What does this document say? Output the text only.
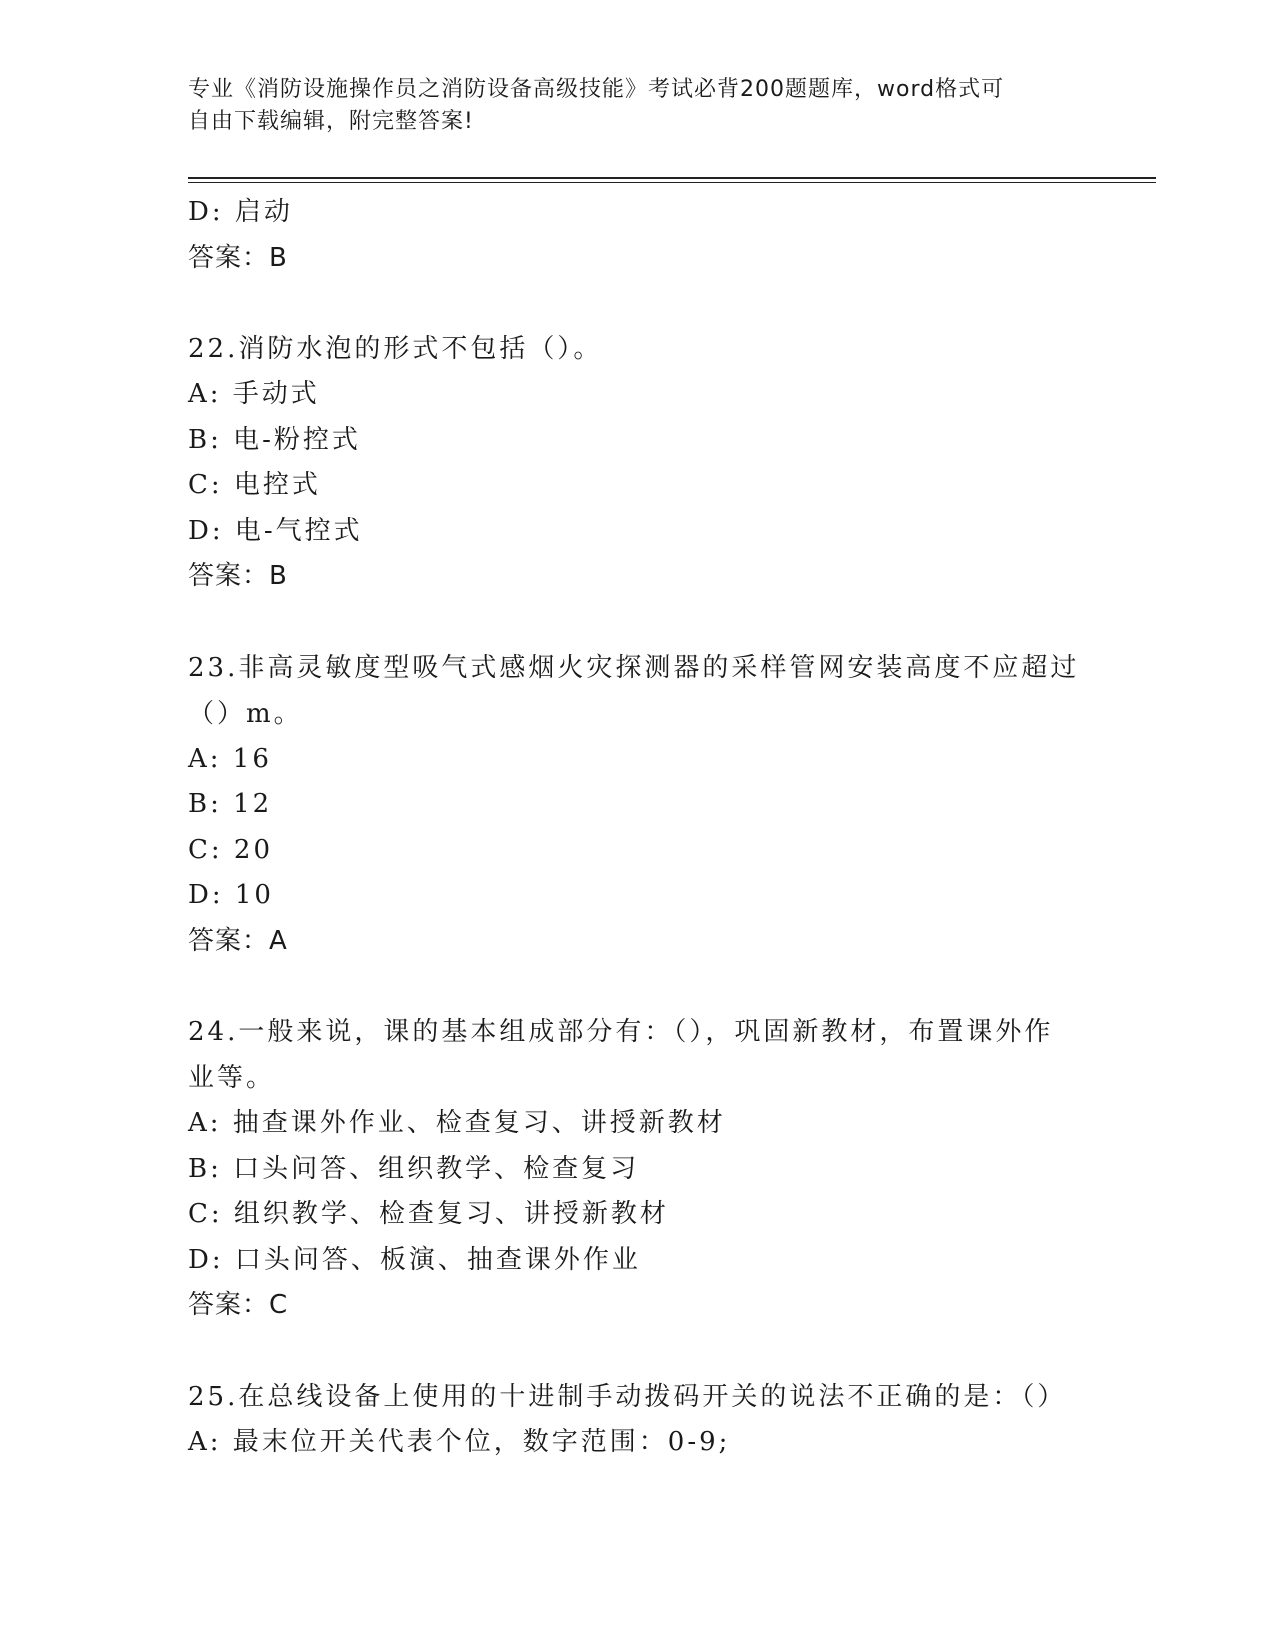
专业《消防设施操作员之消防设备高级技能》考试必背200题题库，word格式可
自由下载编辑，附完整答案!
D: 启动
答案：B
22.消防水泡的形式不包括（）。
A: 手动式
B: 电-粉控式
C: 电控式
D: 电-气控式
答案：B
23.非高灵敏度型吸气式感烟火灾探测器的采样管网安装高度不应超过
（）m。
A: 16
B: 12
C: 20
D: 10
答案：A
24.一般来说，课的基本组成部分有：（），巩固新教材，布置课外作
业等。
A: 抽查课外作业、检查复习、讲授新教材
B: 口头问答、组织教学、检查复习
C: 组织教学、检查复习、讲授新教材
D: 口头问答、板演、抽查课外作业
答案：C
25.在总线设备上使用的十进制手动拨码开关的说法不正确的是：（）
A: 最末位开关代表个位，数字范围：0-9;
